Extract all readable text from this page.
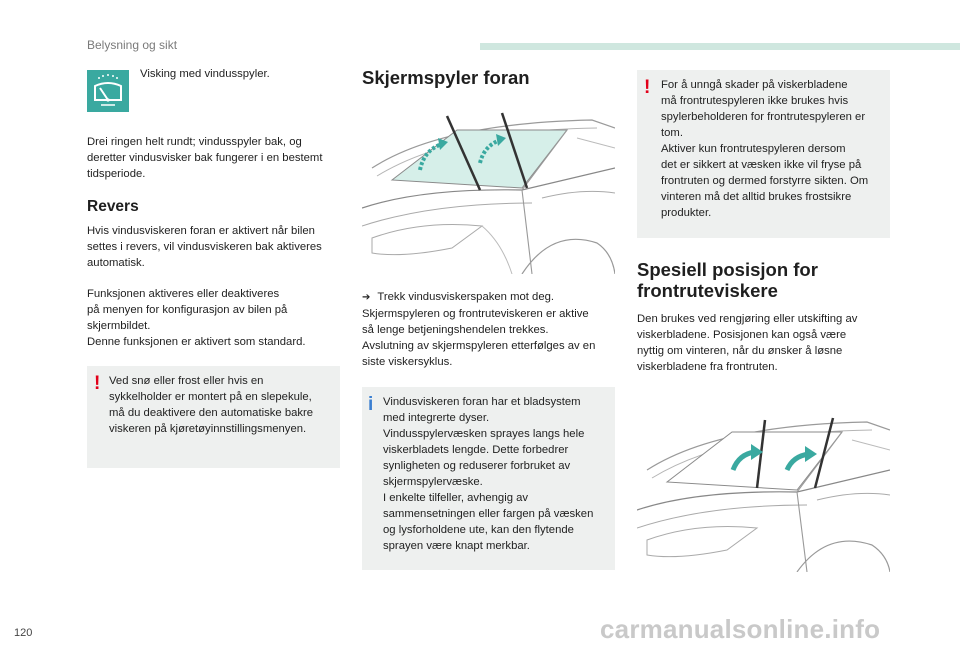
Belysning og sikt
Visking med vindusspyler.
Drei ringen helt rundt; vindusspyler bak, og
deretter vindusvisker bak fungerer i en bestemt
tidsperiode.
Revers
Hvis vindusviskeren foran er aktivert når bilen
settes i revers, vil vindusviskeren bak aktiveres
automatisk.
Funksjonen aktiveres eller deaktiveres
på menyen for konfigurasjon av bilen på
skjermbildet.
Denne funksjonen er aktivert som standard.
! Ved snø eller frost eller hvis en
sykkelholder er montert på en slepekule,
må du deaktivere den automatiske bakre
viskeren på kjøretøyinnstillingsmenyen.
Skjermspyler foran
➔ Trekk vindusviskerspaken mot deg.
Skjermspyleren og frontruteviskeren er aktive
så lenge betjeningshendelen trekkes.
Avslutning av skjermspyleren etterfølges av en
siste viskersyklus.
i Vindusviskeren foran har et bladsystem
med integrerte dyser.
Vindusspylervæsken sprayes langs hele
viskerbladets lengde. Dette forbedrer
synligheten og reduserer forbruket av
skjermspylervæske.
I enkelte tilfeller, avhengig av
sammensetningen eller fargen på væsken
og lysforholdene ute, kan den flytende
sprayen være knapt merkbar.
! For å unngå skader på viskerbladene
må frontrutespyleren ikke brukes hvis
spylerbeholderen for frontrutespyleren er
tom.
Aktiver kun frontrutespyleren dersom
det er sikkert at væsken ikke vil fryse på
frontruten og dermed forstyrre sikten. Om
vinteren må det alltid brukes frostsikre
produkter.
Spesiell posisjon for
frontruteviskere
Den brukes ved rengjøring eller utskifting av
viskerbladene. Posisjonen kan også være
nyttig om vinteren, når du ønsker å løsne
viskerbladene fra frontruten.
120	carmanualsonline.info
